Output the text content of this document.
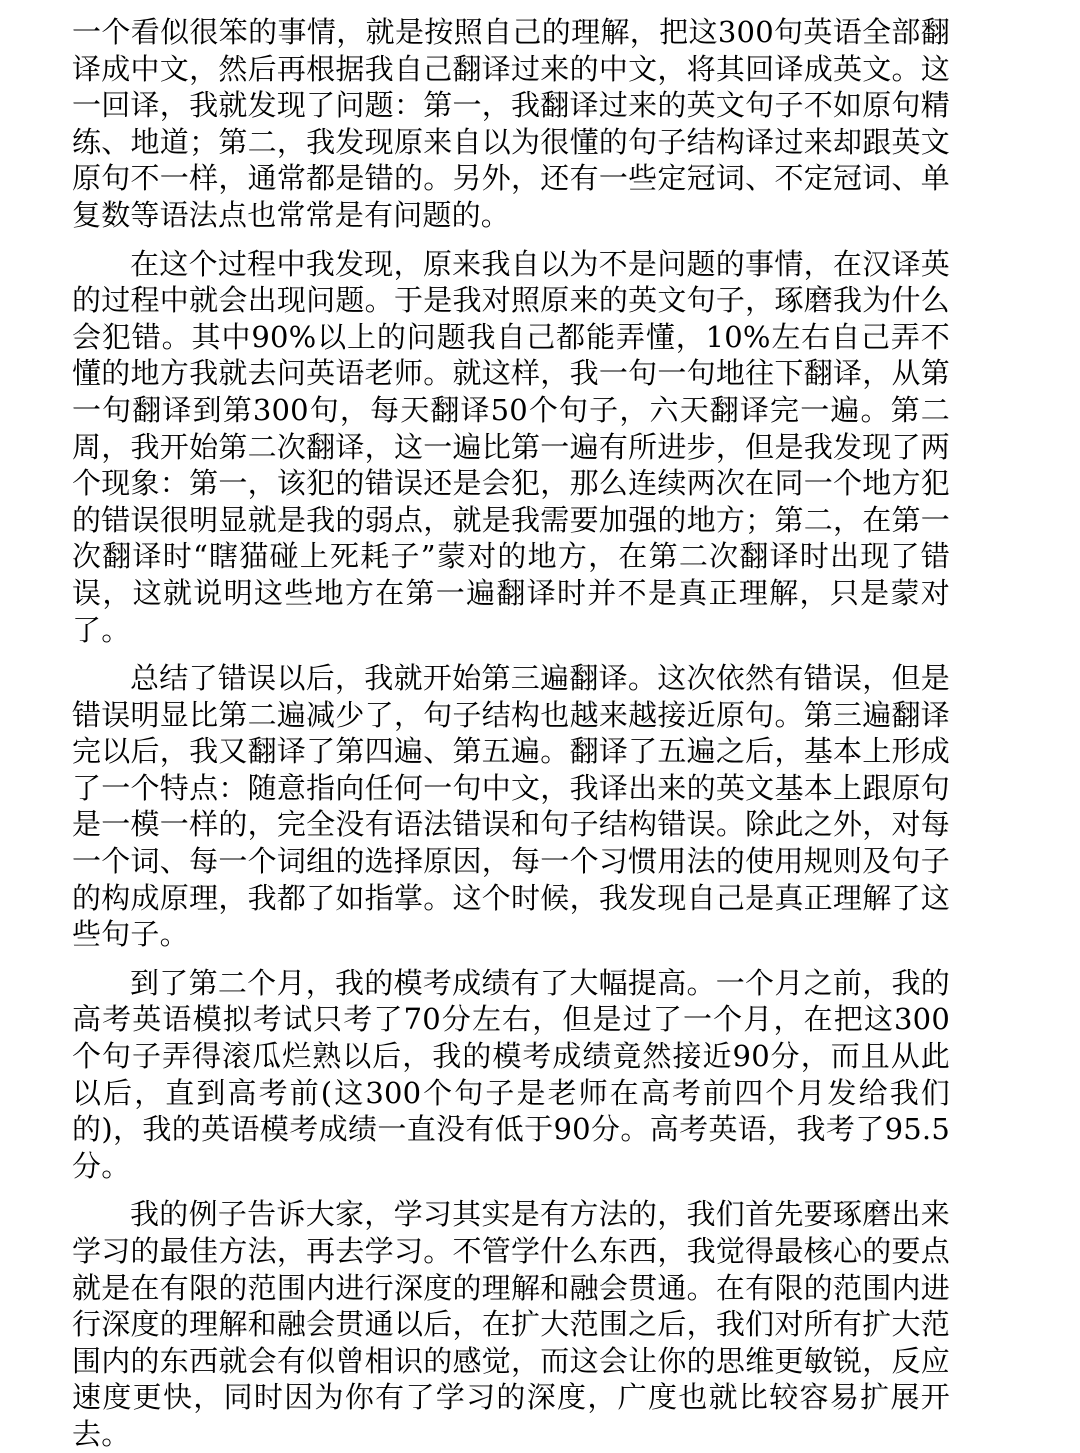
一个看似很笨的事情，就是按照自己的理解，把这300句英语全部翻译成中文，然后再根据我自己翻译过来的中文，将其回译成英文。这一回译，我就发现了问题：第一，我翻译过来的英文句子不如原句精练、地道；第二，我发现原来自以为很懂的句子结构译过来却跟英文原句不一样，通常都是错的。另外，还有一些定冠词、不定冠词、单复数等语法点也常常是有问题的。

在这个过程中我发现，原来我自以为不是问题的事情，在汉译英的过程中就会出现问题。于是我对照原来的英文句子，琢磨我为什么会犯错。其中90%以上的问题我自己都能弄懂，10%左右自己弄不懂的地方我就去问英语老师。就这样，我一句一句地往下翻译，从第一句翻译到第300句，每天翻译50个句子，六天翻译完一遍。第二周，我开始第二次翻译，这一遍比第一遍有所进步，但是我发现了两个现象：第一，该犯的错误还是会犯，那么连续两次在同一个地方犯的错误很明显就是我的弱点，就是我需要加强的地方；第二，在第一次翻译时“瞎猫碰上死耗子”蒙对的地方，在第二次翻译时出现了错误，这就说明这些地方在第一遍翻译时并不是真正理解，只是蒙对了。

总结了错误以后，我就开始第三遍翻译。这次依然有错误，但是错误明显比第二遍减少了，句子结构也越来越接近原句。第三遍翻译完以后，我又翻译了第四遍、第五遍。翻译了五遍之后，基本上形成了一个特点：随意指向任何一句中文，我译出来的英文基本上跟原句是一模一样的，完全没有语法错误和句子结构错误。除此之外，对每一个词、每一个词组的选择原因，每一个习惯用法的使用规则及句子的构成原理，我都了如指掌。这个时候，我发现自己是真正理解了这些句子。

到了第二个月，我的模考成绩有了大幅提高。一个月之前，我的高考英语模拟考试只考了70分左右，但是过了一个月，在把这300个句子弄得滚瓜烂熟以后，我的模考成绩竟然接近90分，而且从此以后，直到高考前(这300个句子是老师在高考前四个月发给我们的)，我的英语模考成绩一直没有低于90分。高考英语，我考了95.5分。

我的例子告诉大家，学习其实是有方法的，我们首先要琢磨出来学习的最佳方法，再去学习。不管学什么东西，我觉得最核心的要点就是在有限的范围内进行深度的理解和融会贯通。在有限的范围内进行深度的理解和融会贯通以后，在扩大范围之后，我们对所有扩大范围内的东西就会有似曾相识的感觉，而这会让你的思维更敏锐，反应速度更快，同时因为你有了学习的深度，广度也就比较容易扩展开去。
